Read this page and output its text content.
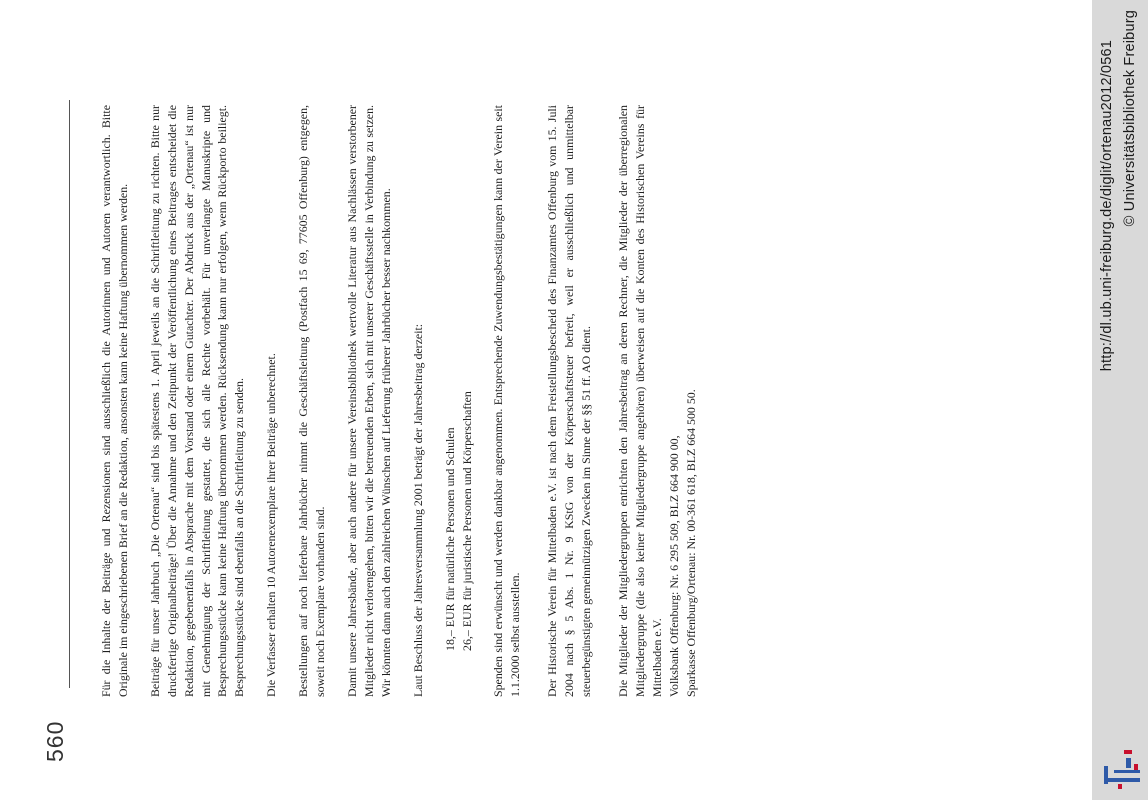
560

Für die Inhalte der Beiträge und Rezensionen sind ausschließlich die Autorinnen und Autoren verantwortlich. Bitte Originale im eingeschriebenen Brief an die Redaktion, ansonsten kann keine Haftung übernommen werden. Beiträge für unser Jahrbuch „Die Ortenau“ sind bis spätestens 1. April jeweils an die Schriftleitung zu richten. Bitte nur druckfertige Originalbeiträge! Über die Annahme und den Zeitpunkt der Veröffentlichung eines Beitrages entscheidet die Redaktion, gegebenenfalls in Absprache mit dem Vorstand oder einem Gutachter. Der Abdruck aus der „Ortenau“ ist nur mit Genehmigung der Schriftleitung gestattet, die sich alle Rechte vorbehält. Für unverlangte Manuskripte und Besprechungsstücke kann keine Haftung übernommen werden. Rücksendung kann nur erfolgen, wenn Rückporto beiliegt. Besprechungsstücke sind ebenfalls an die Schriftleitung zu senden. Die Verfasser erhalten 10 Autorenexemplare ihrer Beiträge unberechnet. Bestellungen auf noch lieferbare Jahrbücher nimmt die Geschäftsleitung (Postfach 15 69, 77605 Offenburg) entgegen, soweit noch Exemplare vorhanden sind. Damit unsere Jahresbände, aber auch andere für unsere Vereinsbibliothek wertvolle Literatur aus Nachlässen verstorbener Mitglieder nicht verlorengehen, bitten wir die betreuenden Erben, sich mit unserer Geschäftsstelle in Verbindung zu setzen. Wir könnten dann auch den zahlreichen Wünschen auf Lieferung früherer Jahrbücher besser nachkommen. Laut Beschluss der Jahresversammlung 2001 beträgt der Jahresbeitrag derzeit: 18,– EUR für natürliche Personen und Schulen 26,– EUR für juristische Personen und Körperschaften Spenden sind erwünscht und werden dankbar angenommen. Entsprechende Zuwendungsbestätigungen kann der Verein seit 1.1.2000 selbst ausstellen. Der Historische Verein für Mittelbaden e.V. ist nach dem Freistellungsbescheid des Finanzamtes Offenburg vom 15. Juli 2004 nach § 5 Abs. 1 Nr. 9 KStG von der Körperschaftsteuer befreit, weil er ausschließlich und unmittelbar steuerbegünstigten gemeinnützigen Zwecken im Sinne der §§ 51 ff. AO dient. Die Mitglieder der Mitgliedergruppen entrichten den Jahresbeitrag an deren Rechner, die Mitglieder der überregionalen Mitgliedergruppe (die also keiner Mitgliedergruppe angehören) überweisen auf die Konten des Historischen Vereins für Mittelbaden e.V. Volksbank Offenburg: Nr. 6 295 509, BLZ 664 900 00, Sparkasse Offenburg/Ortenau: Nr. 00-361 618, BLZ 664 500 50.

http://dl.ub.uni-freiburg.de/diglit/ortenau2012/0561 © Universitätsbibliothek Freiburg
